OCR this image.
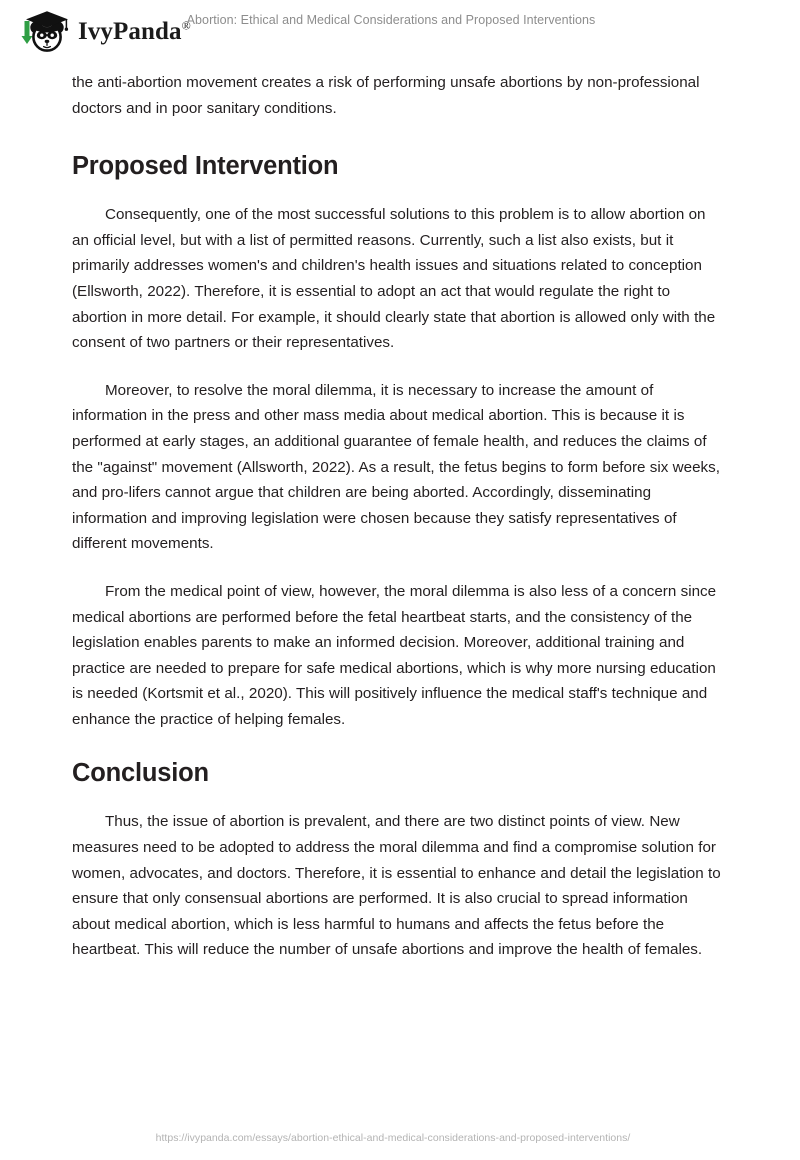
IvyPanda®
Abortion: Ethical and Medical Considerations and Proposed Interventions

the anti-abortion movement creates a risk of performing unsafe abortions by non-professional doctors and in poor sanitary conditions.

Proposed Intervention

Consequently, one of the most successful solutions to this problem is to allow abortion on an official level, but with a list of permitted reasons. Currently, such a list also exists, but it primarily addresses women's and children's health issues and situations related to conception (Ellsworth, 2022). Therefore, it is essential to adopt an act that would regulate the right to abortion in more detail. For example, it should clearly state that abortion is allowed only with the consent of two partners or their representatives.

Moreover, to resolve the moral dilemma, it is necessary to increase the amount of information in the press and other mass media about medical abortion. This is because it is performed at early stages, an additional guarantee of female health, and reduces the claims of the "against" movement (Allsworth, 2022). As a result, the fetus begins to form before six weeks, and pro-lifers cannot argue that children are being aborted. Accordingly, disseminating information and improving legislation were chosen because they satisfy representatives of different movements.

From the medical point of view, however, the moral dilemma is also less of a concern since medical abortions are performed before the fetal heartbeat starts, and the consistency of the legislation enables parents to make an informed decision. Moreover, additional training and practice are needed to prepare for safe medical abortions, which is why more nursing education is needed (Kortsmit et al., 2020). This will positively influence the medical staff's technique and enhance the practice of helping females.

Conclusion

Thus, the issue of abortion is prevalent, and there are two distinct points of view. New measures need to be adopted to address the moral dilemma and find a compromise solution for women, advocates, and doctors. Therefore, it is essential to enhance and detail the legislation to ensure that only consensual abortions are performed. It is also crucial to spread information about medical abortion, which is less harmful to humans and affects the fetus before the heartbeat. This will reduce the number of unsafe abortions and improve the health of females.

https://ivypanda.com/essays/abortion-ethical-and-medical-considerations-and-proposed-interventions/
